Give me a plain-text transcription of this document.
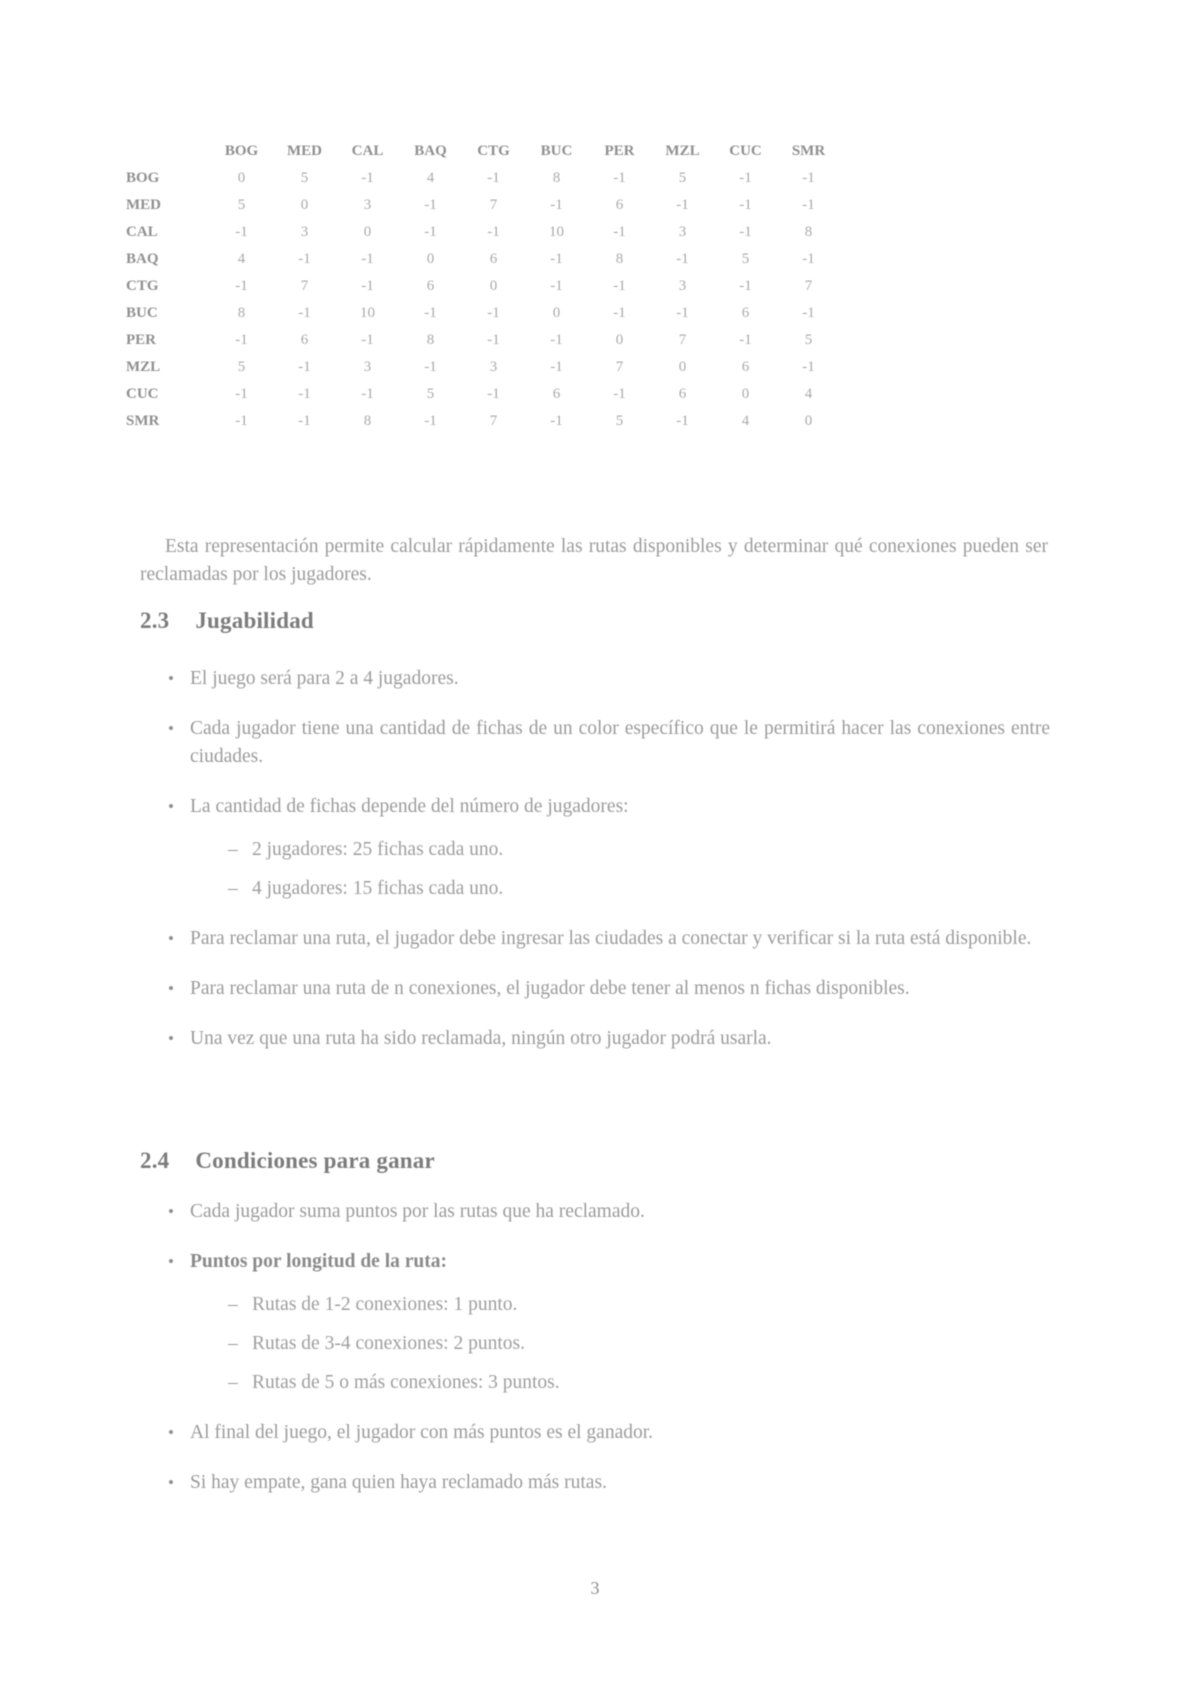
	BOG	MED	CAL	BAQ	CTG	BUC	PER	MZL	CUC	SMR
BOG	0	5	-1	4	-1	8	-1	5	-1	-1
MED	5	0	3	-1	7	-1	6	-1	-1	-1
CAL	-1	3	0	-1	-1	10	-1	3	-1	8
BAQ	4	-1	-1	0	6	-1	8	-1	5	-1
CTG	-1	7	-1	6	0	-1	-1	3	-1	7
BUC	8	-1	10	-1	-1	0	-1	-1	6	-1
PER	-1	6	-1	8	-1	-1	0	7	-1	5
MZL	5	-1	3	-1	3	-1	7	0	6	-1
CUC	-1	-1	-1	5	-1	6	-1	6	0	4
SMR	-1	-1	8	-1	7	-1	5	-1	4	0

Esta representación permite calcular rápidamente las rutas disponibles y determinar qué conexiones pueden ser reclamadas por los jugadores.

2.3 Jugabilidad
• El juego será para 2 a 4 jugadores.
• Cada jugador tiene una cantidad de fichas de un color específico que le permitirá hacer las conexiones entre ciudades.
• La cantidad de fichas depende del número de jugadores:
– 2 jugadores: 25 fichas cada uno.
– 4 jugadores: 15 fichas cada uno.
• Para reclamar una ruta, el jugador debe ingresar las ciudades a conectar y verificar si la ruta está disponible.
• Para reclamar una ruta de n conexiones, el jugador debe tener al menos n fichas disponibles.
• Una vez que una ruta ha sido reclamada, ningún otro jugador podrá usarla.
2.4 Condiciones para ganar
• Cada jugador suma puntos por las rutas que ha reclamado.
• Puntos por longitud de la ruta:
– Rutas de 1-2 conexiones: 1 punto.
– Rutas de 3-4 conexiones: 2 puntos.
– Rutas de 5 o más conexiones: 3 puntos.
• Al final del juego, el jugador con más puntos es el ganador.
• Si hay empate, gana quien haya reclamado más rutas.
3
